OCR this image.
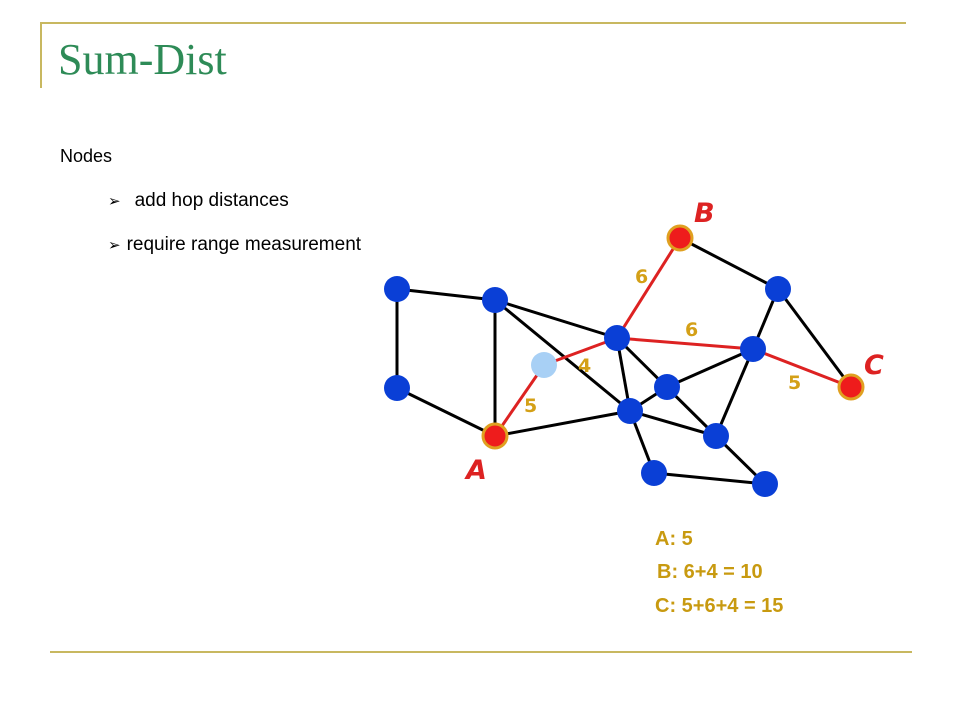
Sum-Dist
Nodes
➢ add hop distances
➢ require range measurement
6
6
4
5
5
A
B
C
A: 5
B: 6+4 = 10
C: 5+6+4 = 15
